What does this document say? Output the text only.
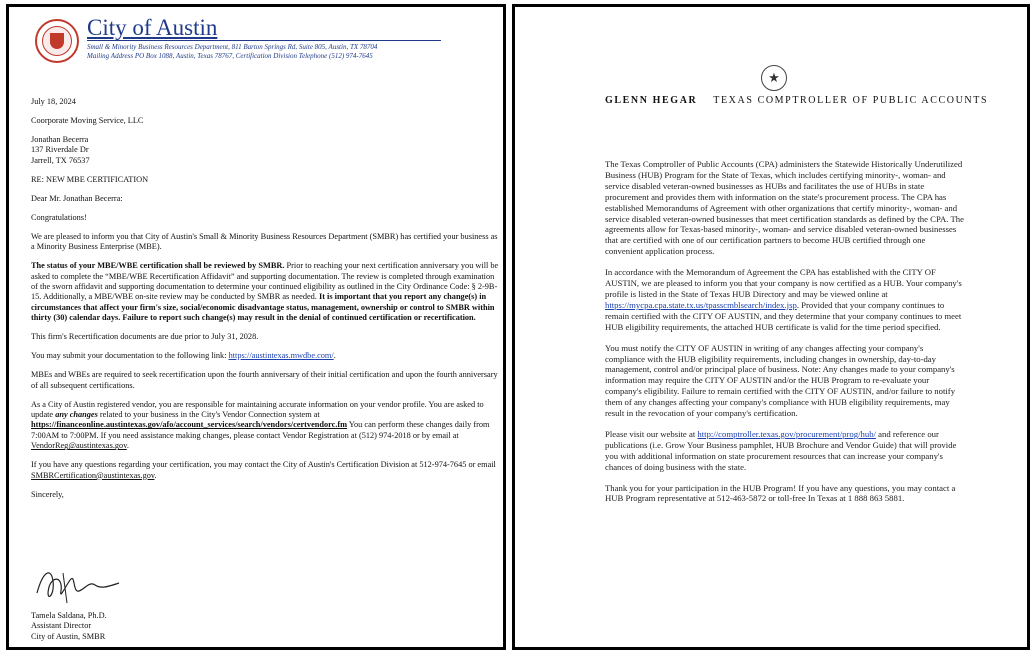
City of Austin
Small & Minority Business Resources Department, 811 Barton Springs Rd, Suite 805, Austin, TX 78704
Mailing Address PO Box 1088, Austin, Texas 78767, Certification Division Telephone (512) 974-7645

July 18, 2024

Coorporate Moving Service, LLC

Jonathan Becerra

137 Riverdale Dr

Jarrell, TX 76537

RE: NEW MBE CERTIFICATION

Dear Mr. Jonathan Becerra:

Congratulations!

We are pleased to inform you that City of Austin's Small & Minority Business Resources Department (SMBR) has certified your business as a Minority Business Enterprise (MBE).

The status of your MBE/WBE certification shall be reviewed by SMBR. Prior to reaching your next certification anniversary you will be asked to complete the “MBE/WBE Recertification Affidavit” and supporting documentation. The review is completed through examination of the sworn affidavit and supporting documentation to determine your continued eligibility as outlined in the City Ordinance Code: § 2-9B-15. Additionally, a MBE/WBE on-site review may be conducted by SMBR as needed. It is important that you report any change(s) in circumstances that affect your firm's size, social/economic disadvantage status, management, ownership or control to SMBR within thirty (30) calendar days. Failure to report such change(s) may result in the denial of continued certification or recertification.

This firm's Recertification documents are due prior to July 31, 2028.

You may submit your documentation to the following link: https://austintexas.mwdbe.com/.

MBEs and WBEs are required to seek recertification upon the fourth anniversary of their initial certification and upon the fourth anniversary of all subsequent certifications.

As a City of Austin registered vendor, you are responsible for maintaining accurate information on your vendor profile. You are asked to update any changes related to your business in the City's Vendor Connection system at https://financeonline.austintexas.gov/afo/account_services/search/vendors/certvendorc.fm You can perform these changes daily from 7:00AM to 7:00PM. If you need assistance making changes, please contact Vendor Registration at (512) 974-2018 or by email at VendorReg@austintexas.gov.

If you have any questions regarding your certification, you may contact the City of Austin's Certification Division at 512-974-7645 or email SMBRCertification@austintexas.gov.

Sincerely,

Tamela Saldana, Ph.D.
Assistant Director
City of Austin, SMBR
★
GLENN HEGAR TEXAS COMPTROLLER OF PUBLIC ACCOUNTS

The Texas Comptroller of Public Accounts (CPA) administers the Statewide Historically Underutilized Business (HUB) Program for the State of Texas, which includes certifying minority-, woman- and service disabled veteran-owned businesses as HUBs and facilitates the use of HUBs in state procurement and provides them with information on the state's procurement process. The CPA has established Memorandums of Agreement with other organizations that certify minority-, woman- and service disabled veteran-owned businesses that meet certification standards as defined by the CPA. The agreements allow for Texas-based minority-, woman- and service disabled veteran-owned businesses that are certified with one of our certification partners to become HUB certified through one convenient application process.

In accordance with the Memorandum of Agreement the CPA has established with the CITY OF AUSTIN, we are pleased to inform you that your company is now certified as a HUB. Your company's profile is listed in the State of Texas HUB Directory and may be viewed online at https://mycpa.cpa.state.tx.us/tpasscmblsearch/index.jsp. Provided that your company continues to remain certified with the CITY OF AUSTIN, and they determine that your company continues to meet HUB eligibility requirements, the attached HUB certificate is valid for the time period specified.

You must notify the CITY OF AUSTIN in writing of any changes affecting your company's compliance with the HUB eligibility requirements, including changes in ownership, day-to-day management, control and/or principal place of business. Note: Any changes made to your company's information may require the CITY OF AUSTIN and/or the HUB Program to re-evaluate your company's eligibility. Failure to remain certified with the CITY OF AUSTIN, and/or failure to notify them of any changes affecting your company's compliance with HUB eligibility requirements, may result in the revocation of your company's certification.

Please visit our website at http://comptroller.texas.gov/procurement/prog/hub/ and reference our publications (i.e. Grow Your Business pamphlet, HUB Brochure and Vendor Guide) that will provide you with additional information on state procurement resources that can increase your company's chances of doing business with the state.

Thank you for your participation in the HUB Program! If you have any questions, you may contact a HUB Program representative at 512-463-5872 or toll-free In Texas at 1 888 863 5881.
